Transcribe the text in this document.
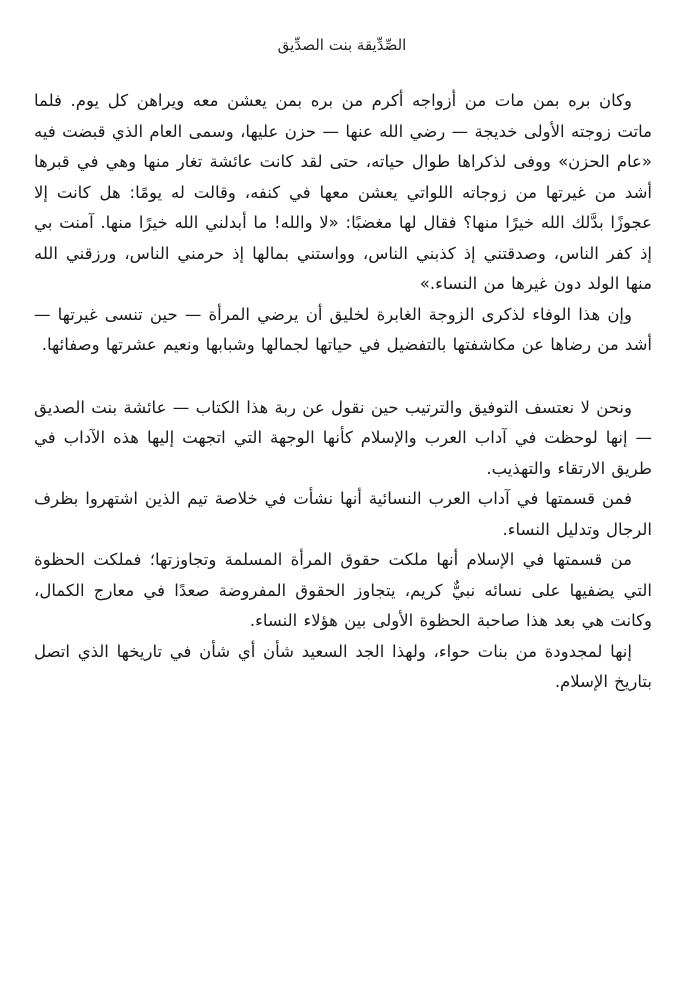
الصِّدِّيقة بنت الصدِّيق

وكان بره بمن مات من أزواجه أكرم من بره بمن يعشن معه ويراهن كل يوم. فلما ماتت زوجته الأولى خديجة — رضي الله عنها — حزن عليها، وسمى العام الذي قبضت فيه «عام الحزن» ووفى لذكراها طوال حياته، حتى لقد كانت عائشة تغار منها وهي في قبرها أشد من غيرتها من زوجاته اللواتي يعشن معها في كنفه، وقالت له يومًا: هل كانت إلا عجوزًا بدَّلك الله خيرًا منها؟ فقال لها مغضبًا: «لا والله! ما أبدلني الله خيرًا منها. آمنت بي إذ كفر الناس، وصدقتني إذ كذبني الناس، وواستني بمالها إذ حرمني الناس، ورزقني الله منها الولد دون غيرها من النساء.»

وإن هذا الوفاء لذكرى الزوجة الغابرة لخليق أن يرضي المرأة — حين تنسى غيرتها — أشد من رضاها عن مكاشفتها بالتفضيل في حياتها لجمالها وشبابها ونعيم عشرتها وصفائها.

ونحن لا نعتسف التوفيق والترتيب حين نقول عن ربة هذا الكتاب — عائشة بنت الصديق — إنها لوحظت في آداب العرب والإسلام كأنها الوجهة التي اتجهت إليها هذه الآداب في طريق الارتقاء والتهذيب.

فمن قسمتها في آداب العرب النسائية أنها نشأت في خلاصة تيم الذين اشتهروا بظرف الرجال وتدليل النساء.

من قسمتها في الإسلام أنها ملكت حقوق المرأة المسلمة وتجاوزتها؛ فملكت الحظوة التي يضفيها على نسائه نبيٌّ كريم، يتجاوز الحقوق المفروضة صعدًا في معارج الكمال، وكانت هي بعد هذا صاحبة الحظوة الأولى بين هؤلاء النساء.

إنها لمجدودة من بنات حواء، ولهذا الجد السعيد شأن أي شأن في تاريخها الذي اتصل بتاريخ الإسلام.
